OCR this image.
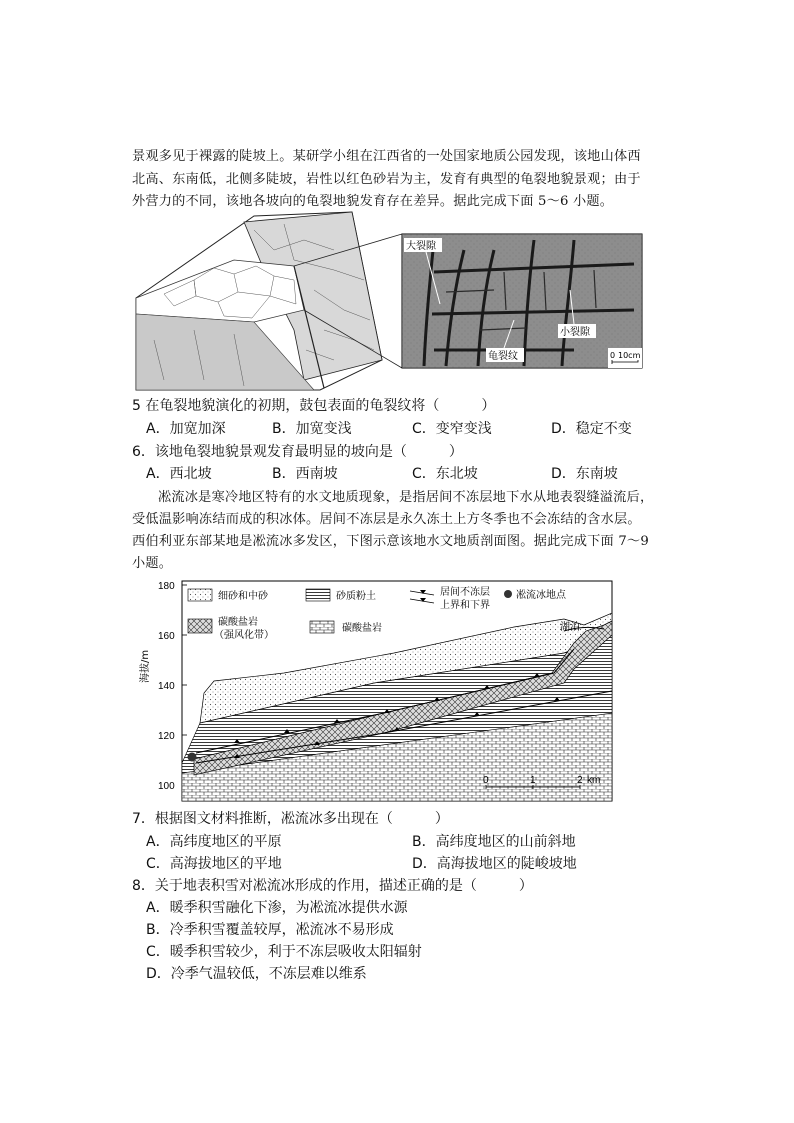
景观多见于裸露的陡坡上。某研学小组在江西省的一处国家地质公园发现，该地山体西
北高、东南低，北侧多陡坡，岩性以红色砂岩为主，发育有典型的龟裂地貌景观；由于
外营力的不同，该地各坡向的龟裂地貌发育存在差异。据此完成下面 5～6 小题。
大裂隙
小裂隙
龟裂纹	0 10cm
5 在龟裂地貌演化的初期，鼓包表面的龟裂纹将（　　　）
A．加宽加深	B．加宽变浅	C．变窄变浅	D．稳定不变
6．该地龟裂地貌景观发育最明显的坡向是（　　　）
A．西北坡	B．西南坡	C．东北坡	D．东南坡
凇流冰是寒冷地区特有的水文地质现象，是指居间不冻层地下水从地表裂缝溢流后，
受低温影响冻结而成的积冰体。居间不冻层是永久冻土上方冬季也不会冻结的含水层。
西伯利亚东部某地是凇流冰多发区，下图示意该地水文地质剖面图。据此完成下面 7～9
小题。
180
160
140
120
100
海拔/m
湖泊
细砂和中砂	砂质粉土	居间不冻层
上界和下界
凇流冰地点
碳酸盐岩
（强风化带）
碳酸盐岩
0	1	2 km
7．根据图文材料推断，凇流冰多出现在（　　　）
A．高纬度地区的平原	B．高纬度地区的山前斜地
C．高海拔地区的平地	D．高海拔地区的陡峻坡地
8．关于地表积雪对凇流冰形成的作用，描述正确的是（　　　）
A．暖季积雪融化下渗，为凇流冰提供水源
B．冷季积雪覆盖较厚，凇流冰不易形成
C．暖季积雪较少，利于不冻层吸收太阳辐射
D．冷季气温较低，不冻层难以维系
